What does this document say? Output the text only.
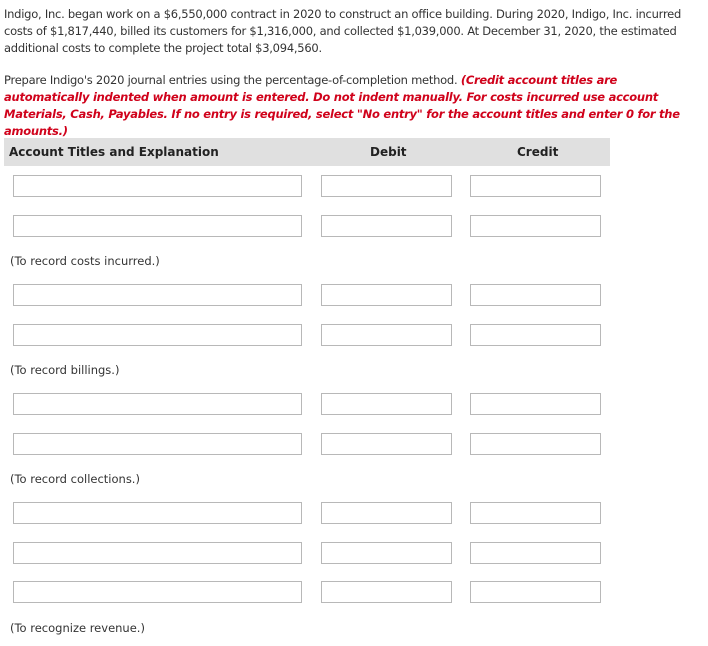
Indigo, Inc. began work on a $6,550,000 contract in 2020 to construct an office building. During 2020, Indigo, Inc. incurred costs of $1,817,440, billed its customers for $1,316,000, and collected $1,039,000. At December 31, 2020, the estimated additional costs to complete the project total $3,094,560.
Prepare Indigo's 2020 journal entries using the percentage-of-completion method. (Credit account titles are automatically indented when amount is entered. Do not indent manually. For costs incurred use account Materials, Cash, Payables. If no entry is required, select "No entry" for the account titles and enter 0 for the amounts.)
Account Titles and Explanation	Debit	Credit
(To record costs incurred.)
(To record billings.)
(To record collections.)
(To recognize revenue.)
